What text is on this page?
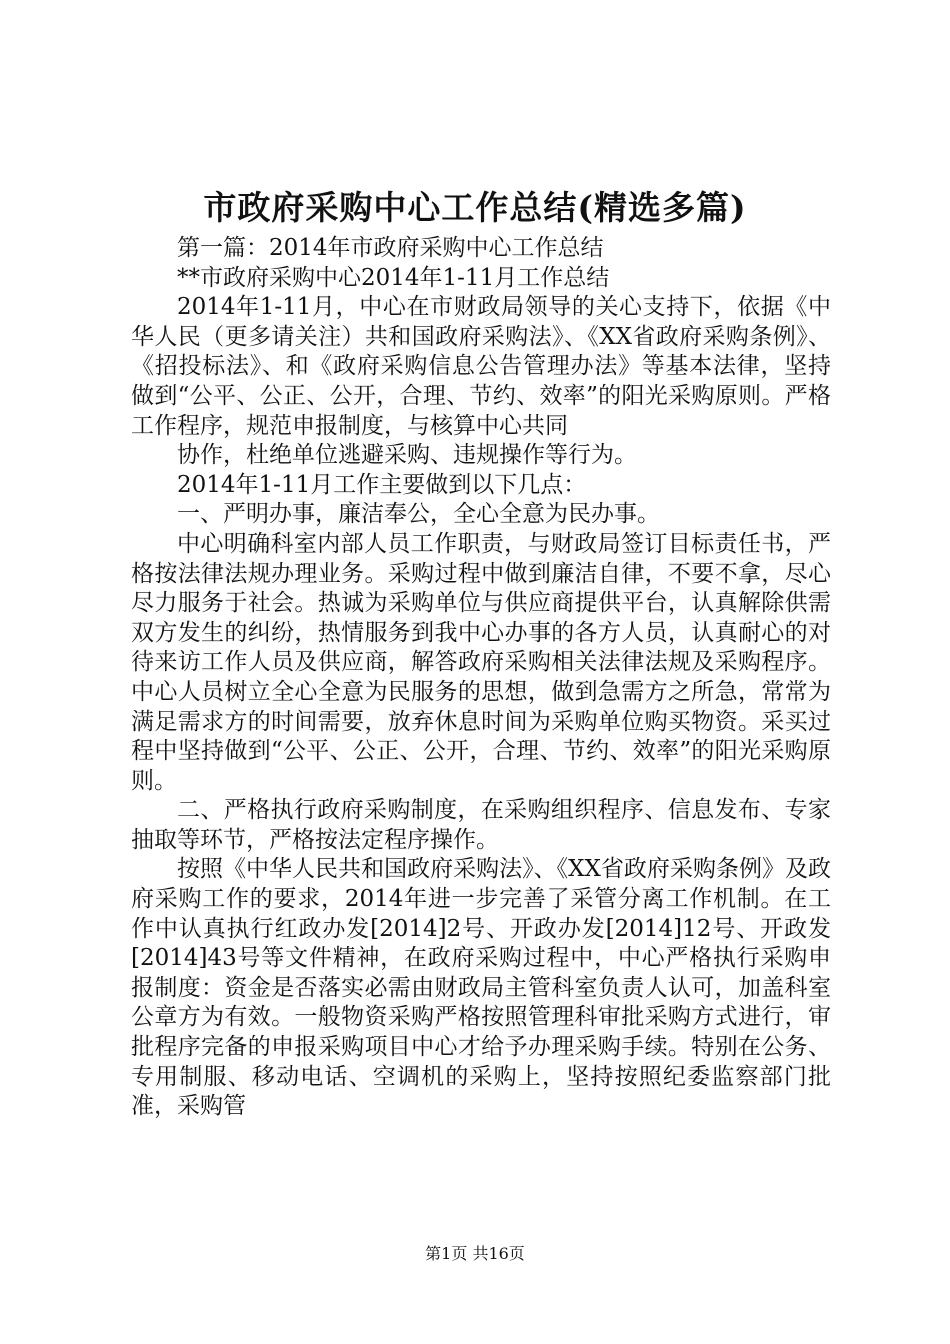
市政府采购中心工作总结(精选多篇)

第一篇：2014年市政府采购中心工作总结

**市政府采购中心2014年1-11月工作总结

2014年1-11月，中心在市财政局领导的关心支持下，依据《中华人民（更多请关注）共和国政府采购法》、《XX省政府采购条例》、《招投标法》、和《政府采购信息公告管理办法》等基本法律，坚持做到“公平、公正、公开，合理、节约、效率”的阳光采购原则。严格工作程序，规范申报制度，与核算中心共同

协作，杜绝单位逃避采购、违规操作等行为。

2014年1-11月工作主要做到以下几点：

一、严明办事，廉洁奉公，全心全意为民办事。

中心明确科室内部人员工作职责，与财政局签订目标责任书，严格按法律法规办理业务。采购过程中做到廉洁自律，不要不拿，尽心尽力服务于社会。热诚为采购单位与供应商提供平台，认真解除供需双方发生的纠纷，热情服务到我中心办事的各方人员，认真耐心的对待来访工作人员及供应商，解答政府采购相关法律法规及采购程序。中心人员树立全心全意为民服务的思想，做到急需方之所急，常常为满足需求方的时间需要，放弃休息时间为采购单位购买物资。采买过程中坚持做到“公平、公正、公开，合理、节约、效率”的阳光采购原则。

二、严格执行政府采购制度，在采购组织程序、信息发布、专家抽取等环节，严格按法定程序操作。

按照《中华人民共和国政府采购法》、《XX省政府采购条例》及政府采购工作的要求，2014年进一步完善了采管分离工作机制。在工作中认真执行红政办发[2014]2号、开政办发[2014]12号、开政发[2014]43号等文件精神，在政府采购过程中，中心严格执行采购申报制度：资金是否落实必需由财政局主管科室负责人认可，加盖科室公章方为有效。一般物资采购严格按照管理科审批采购方式进行，审批程序完备的申报采购项目中心才给予办理采购手续。特别在公务、专用制服、移动电话、空调机的采购上，坚持按照纪委监察部门批准，采购管

第1页 共16页
